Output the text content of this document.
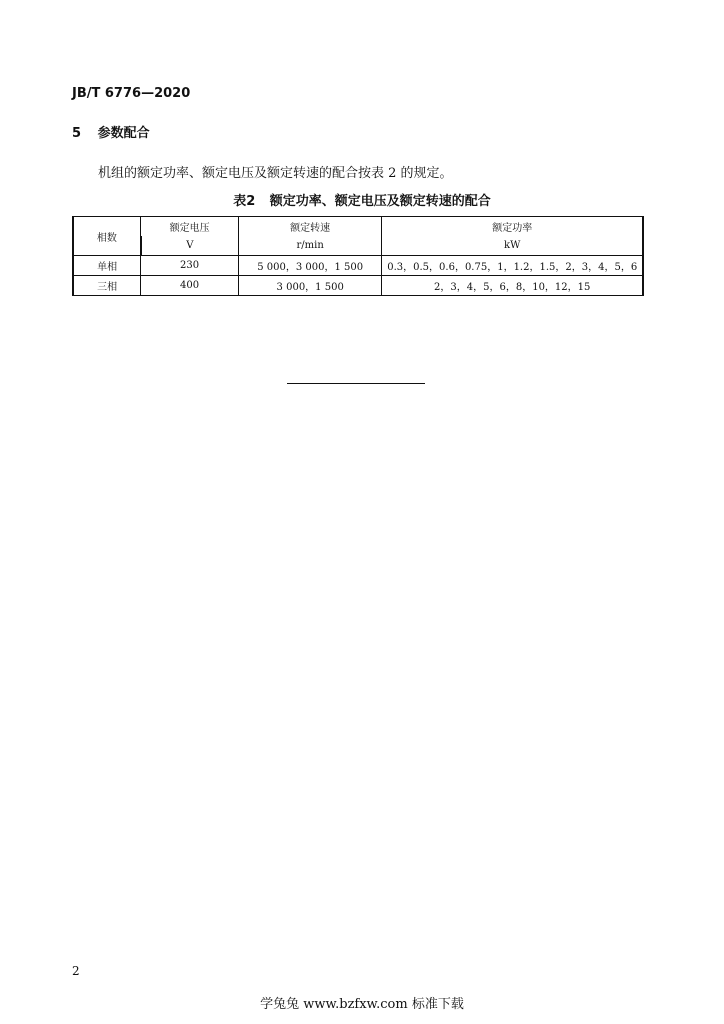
JB/T 6776—2020
5 参数配合
机组的额定功率、额定电压及额定转速的配合按表 2 的规定。
表2 额定功率、额定电压及额定转速的配合
相数	额定电压	额定转速	额定功率
	V	r/min	kW
单相	230	5 000，3 000，1 500	0.3，0.5，0.6，0.75，1，1.2，1.5，2，3，4，5，6
三相	400	3 000，1 500	2，3，4，5，6，8，10，12，15
2
学兔兔 www.bzfxw.com 标准下载
